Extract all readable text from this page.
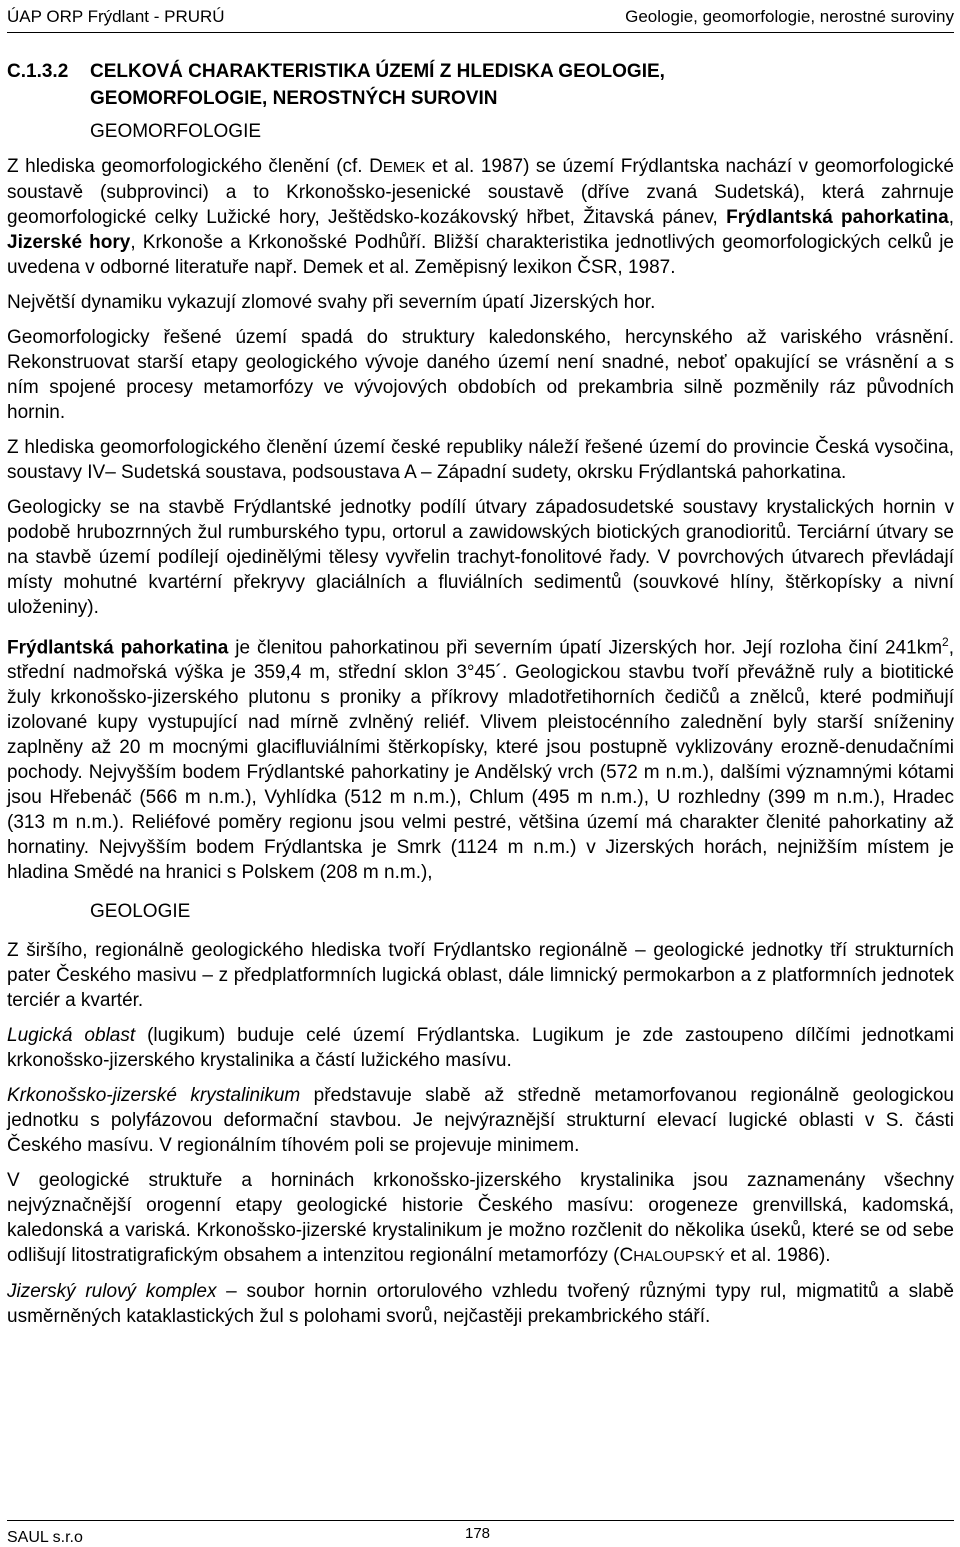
ÚAP ORP Frýdlant - PRURÚ	Geologie, geomorfologie, nerostné suroviny
C.1.3.2 CELKOVÁ CHARAKTERISTIKA ÚZEMÍ Z HLEDISKA GEOLOGIE,
GEOMORFOLOGIE, NEROSTNÝCH SUROVIN
GEOMORFOLOGIE

Z hlediska geomorfologického členění (cf. DEMEK et al. 1987) se území Frýdlantska nachází v geomorfologické soustavě (subprovinci) a to Krkonošsko-jesenické soustavě (dříve zvaná Sudetská), která zahrnuje geomorfologické celky Lužické hory, Ještědsko-kozákovský hřbet, Žitavská pánev, Frýdlantská pahorkatina, Jizerské hory, Krkonoše a Krkonošské Podhůří. Bližší charakteristika jednotlivých geomorfologických celků je uvedena v odborné literatuře např. Demek et al. Zeměpisný lexikon ČSR, 1987.

Největší dynamiku vykazují zlomové svahy při severním úpatí Jizerských hor.

Geomorfologicky řešené území spadá do struktury kaledonského, hercynského až variského vrásnění. Rekonstruovat starší etapy geologického vývoje daného území není snadné, neboť opakující se vrásnění a s ním spojené procesy metamorfózy ve vývojových obdobích od prekambria silně pozměnily ráz původních hornin.

Z hlediska geomorfologického členění území české republiky náleží řešené území do provincie Česká vysočina, soustavy IV– Sudetská soustava, podsoustava A – Západní sudety, okrsku Frýdlantská pahorkatina.

Geologicky se na stavbě Frýdlantské jednotky podílí útvary západosudetské soustavy krystalických hornin v podobě hrubozrnných žul rumburského typu, ortorul a zawidowských biotických granodioritů. Terciární útvary se na stavbě území podílejí ojedinělými tělesy vyvřelin trachyt-fonolitové řady. V povrchových útvarech převládají místy mohutné kvartérní překryvy glaciálních a fluviálních sedimentů (souvkové hlíny, štěrkopísky a nivní uloženiny).

Frýdlantská pahorkatina je členitou pahorkatinou při severním úpatí Jizerských hor. Její rozloha činí $241km^2$, střední nadmořská výška je 359,4 m, střední sklon 3°45´. Geologickou stavbu tvoří převážně ruly a biotitické žuly krkonošsko-jizerského plutonu s proniky a příkrovy mladotřetihorních čedičů a znělců, které podmiňují izolované kupy vystupující nad mírně zvlněný reliéf. Vlivem pleistocénního zalednění byly starší sníženiny zaplněny až 20 m mocnými glacifluviálními štěrkopísky, které jsou postupně vyklizovány erozně-denudačními pochody. Nejvyšším bodem Frýdlantské pahorkatiny je Andělský vrch (572 m n.m.), dalšími významnými kótami jsou Hřebenáč (566 m n.m.), Vyhlídka (512 m n.m.), Chlum (495 m n.m.), U rozhledny (399 m n.m.), Hradec (313 m n.m.). Reliéfové poměry regionu jsou velmi pestré, většina území má charakter členité pahorkatiny až hornatiny. Nejvyšším bodem Frýdlantska je Smrk (1124 m n.m.) v Jizerských horách, nejnižším místem je hladina Smědé na hranici s Polskem (208 m n.m.),

GEOLOGIE

Z širšího, regionálně geologického hlediska tvoří Frýdlantsko regionálně – geologické jednotky tří strukturních pater Českého masivu – z předplatformních lugická oblast, dále limnický permokarbon a z platformních jednotek terciér a kvartér.

Lugická oblast (lugikum) buduje celé území Frýdlantska. Lugikum je zde zastoupeno dílčími jednotkami krkonošsko-jizerského krystalinika a částí lužického masívu.

Krkonošsko-jizerské krystalinikum představuje slabě až středně metamorfovanou regionálně geologickou jednotku s polyfázovou deformační stavbou. Je nejvýraznější strukturní elevací lugické oblasti v S. části Českého masívu. V regionálním tíhovém poli se projevuje minimem.

V geologické struktuře a horninách krkonošsko-jizerského krystalinika jsou zaznamenány všechny nejvýznačnější orogenní etapy geologické historie Českého masívu: orogeneze grenvillská, kadomská, kaledonská a variská. Krkonošsko-jizerské krystalinikum je možno rozčlenit do několika úseků, které se od sebe odlišují litostratigrafickým obsahem a intenzitou regionální metamorfózy (CHALOUPSKÝ et al. 1986).

Jizerský rulový komplex – soubor hornin ortorulového vzhledu tvořený různými typy rul, migmatitů a slabě usměrněných kataklastických žul s polohami svorů, nejčastěji prekambrického stáří.

SAUL s.r.o	178
